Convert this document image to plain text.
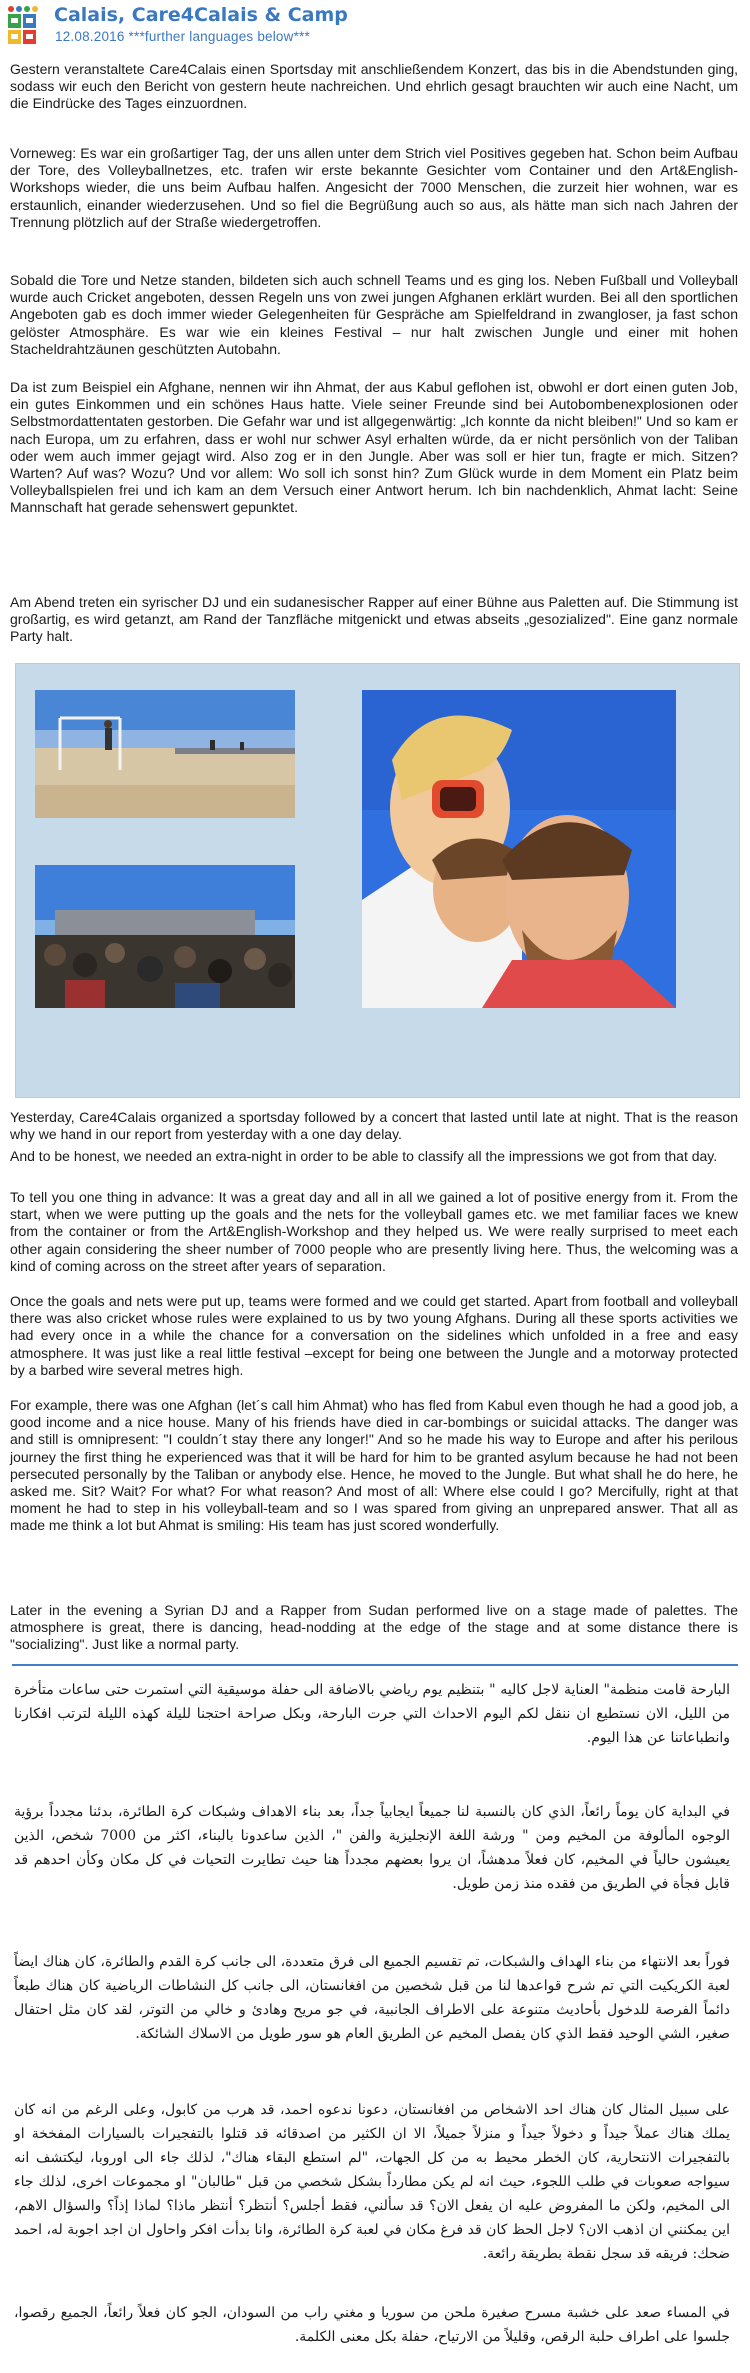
Calais, Care4Calais & Camp
12.08.2016 ***further languages below***

Gestern veranstaltete Care4Calais einen Sportsday mit anschließendem Konzert, das bis in die Abendstunden ging, sodass wir euch den Bericht von gestern heute nachreichen. Und ehrlich gesagt brauchten wir auch eine Nacht, um die Eindrücke des Tages einzuordnen.

Vorneweg: Es war ein großartiger Tag, der uns allen unter dem Strich viel Positives gegeben hat. Schon beim Aufbau der Tore, des Volleyballnetzes, etc. trafen wir erste bekannte Gesichter vom Container und den Art&English-Workshops wieder, die uns beim Aufbau halfen. Angesicht der 7000 Menschen, die zurzeit hier wohnen, war es erstaunlich, einander wiederzusehen. Und so fiel die Begrüßung auch so aus, als hätte man sich nach Jahren der Trennung plötzlich auf der Straße wiedergetroffen.

Sobald die Tore und Netze standen, bildeten sich auch schnell Teams und es ging los. Neben Fußball und Volleyball wurde auch Cricket angeboten, dessen Regeln uns von zwei jungen Afghanen erklärt wurden. Bei all den sportlichen Angeboten gab es doch immer wieder Gelegenheiten für Gespräche am Spielfeldrand in zwangloser, ja fast schon gelöster Atmosphäre. Es war wie ein kleines Festival – nur halt zwischen Jungle und einer mit hohen Stacheldrahtzäunen geschützten Autobahn.

Da ist zum Beispiel ein Afghane, nennen wir ihn Ahmat, der aus Kabul geflohen ist, obwohl er dort einen guten Job, ein gutes Einkommen und ein schönes Haus hatte. Viele seiner Freunde sind bei Autobombenexplosionen oder Selbstmordattentaten gestorben. Die Gefahr war und ist allgegenwärtig: „Ich konnte da nicht bleiben!" Und so kam er nach Europa, um zu erfahren, dass er wohl nur schwer Asyl erhalten würde, da er nicht persönlich von der Taliban oder wem auch immer gejagt wird. Also zog er in den Jungle. Aber was soll er hier tun, fragte er mich. Sitzen? Warten? Auf was? Wozu? Und vor allem: Wo soll ich sonst hin? Zum Glück wurde in dem Moment ein Platz beim Volleyballspielen frei und ich kam an dem Versuch einer Antwort herum. Ich bin nachdenklich, Ahmat lacht: Seine Mannschaft hat gerade sehenswert gepunktet.

Am Abend treten ein syrischer DJ und ein sudanesischer Rapper auf einer Bühne aus Paletten auf. Die Stimmung ist großartig, es wird getanzt, am Rand der Tanzfläche mitgenickt und etwas abseits „gesozialized". Eine ganz normale Party halt.

Yesterday, Care4Calais organized a sportsday followed by a concert that lasted until late at night. That is the reason why we hand in our report from yesterday with a one day delay.

And to be honest, we needed an extra-night in order to be able to classify all the impressions we got from that day.

To tell you one thing in advance: It was a great day and all in all we gained a lot of positive energy from it. From the start, when we were putting up the goals and the nets for the volleyball games etc. we met familiar faces we knew from the container or from the Art&English-Workshop and they helped us. We were really surprised to meet each other again considering the sheer number of 7000 people who are presently living here. Thus, the welcoming was a kind of coming across on the street after years of separation.

Once the goals and nets were put up, teams were formed and we could get started. Apart from football and volleyball there was also cricket whose rules were explained to us by two young Afghans. During all these sports activities we had every once in a while the chance for a conversation on the sidelines which unfolded in a free and easy atmosphere. It was just like a real little festival –except for being one between the Jungle and a motorway protected by a barbed wire several metres high.

For example, there was one Afghan (let´s call him Ahmat) who has fled from Kabul even though he had a good job, a good income and a nice house. Many of his friends have died in car-bombings or suicidal attacks. The danger was and still is omnipresent: "I couldn´t stay there any longer!" And so he made his way to Europe and after his perilous journey the first thing he experienced was that it will be hard for him to be granted asylum because he had not been persecuted personally by the Taliban or anybody else. Hence, he moved to the Jungle. But what shall he do here, he asked me. Sit? Wait? For what? For what reason? And most of all: Where else could I go? Mercifully, right at that moment he had to step in his volleyball-team and so I was spared from giving an unprepared answer. That all as made me think a lot but Ahmat is smiling: His team has just scored wonderfully.

Later in the evening a Syrian DJ and a Rapper from Sudan performed live on a stage made of palettes. The atmosphere is great, there is dancing, head-nodding at the edge of the stage and at some distance there is "socializing". Just like a normal party.

البارحة قامت منظمة" العناية لاجل كاليه " بتنظيم يوم رياضي بالاضافة الى حفلة موسيقية التي استمرت حتى ساعات متأخرة من الليل، الان نستطيع ان ننقل لكم اليوم الاحداث التي جرت البارحة، وبكل صراحة احتجنا لليلة كهذه الليلة لترتب افكارنا وانطباعاتنا عن هذا اليوم.

في البداية كان يوماً رائعاً، الذي كان بالنسبة لنا جميعاً ايجابياً جداً، بعد بناء الاهداف وشبكات كرة الطائرة، بدئنا مجدداً برؤية الوجوه المألوفة من المخيم ومن " ورشة اللغة الإنجليزية والفن "، الذين ساعدونا بالبناء، اكثر من 7000 شخص، الذين يعيشون حالياً في المخيم، كان فعلاً مدهشاً، ان يروا بعضهم مجدداً هنا حيث تطايرت التحيات في كل مكان وكأن احدهم قد قابل فجأة في الطريق من فقده منذ زمن طويل.

فوراً بعد الانتهاء من بناء الهداف والشبكات، تم تقسيم الجميع الى فرق متعددة، الى جانب كرة القدم والطائرة، كان هناك ايضاً لعبة الكريكيت التي تم شرح قواعدها لنا من قبل شخصين من افغانستان، الى جانب كل النشاطات الرياضية كان هناك طبعاً دائماً الفرصة للدخول بأحاديث متنوعة على الاطراف الجانبية، في جو مريح وهادئ و خالي من التوتر، لقد كان مثل احتفال صغير، الشي الوحيد فقط الذي كان يفصل المخيم عن الطريق العام هو سور طويل من الاسلاك الشائكة.

على سبيل المثال كان هناك احد الاشخاص من افغانستان، دعونا ندعوه احمد، قد هرب من كابول، وعلى الرغم من انه كان يملك هناك عملاً جيداً و دخولاً جيداً و منزلاً جميلاً، الا ان الكثير من اصدقائه قد قتلوا بالتفجيرات بالسيارات المفخخة او بالتفجيرات الانتحارية، كان الخطر محيط به من كل الجهات، "لم استطع البقاء هناك"، لذلك جاء الى اوروبا، ليكتشف انه سيواجه صعوبات في طلب اللجوء، حيث انه لم يكن مطارداً بشكل شخصي من قبل "طالبان" او مجموعات اخرى، لذلك جاء الى المخيم، ولكن ما المفروض عليه ان يفعل الان؟ قد سألني، فقط أجلس؟ أنتظر؟ أنتظر ماذا؟ لماذا إذاً؟ والسؤال الاهم، اين يمكنني ان اذهب الان؟ لاجل الحظ كان قد فرغ مكان في لعبة كرة الطائرة، وانا بدأت افكر واحاول ان اجد اجوبة له، احمد ضحك: فريقه قد سجل نقطة بطريقة رائعة.

في المساء صعد على خشبة مسرح صغيرة ملحن من سوريا و مغني راب من السودان، الجو كان فعلاً رائعاً، الجميع رقصوا، جلسوا على اطراف حلبة الرقص، وقليلاً من الارتياح، حفلة بكل معنى الكلمة.
